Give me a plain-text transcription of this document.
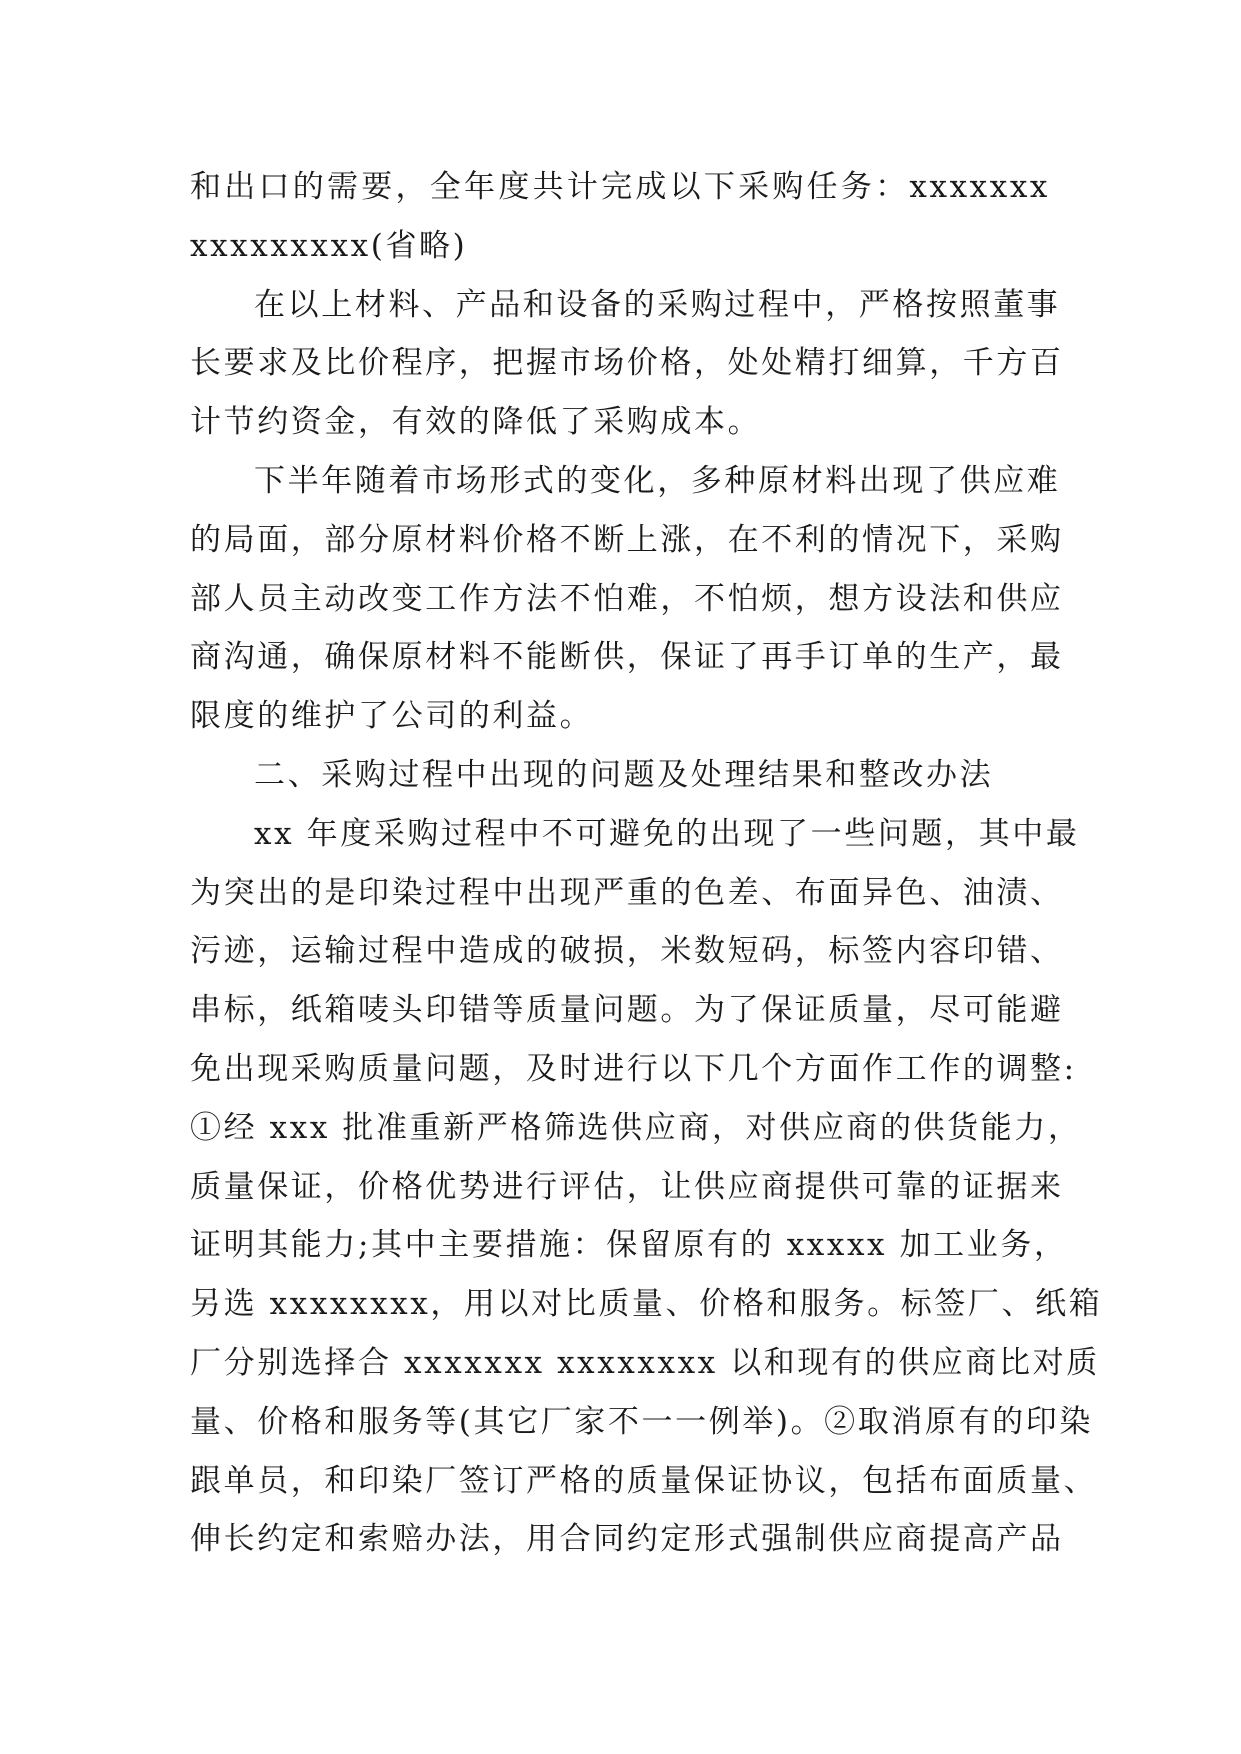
和出口的需要，全年度共计完成以下采购任务：xxxxxxx
xxxxxxxxx(省略)
在以上材料、产品和设备的采购过程中，严格按照董事
长要求及比价程序，把握市场价格，处处精打细算，千方百
计节约资金，有效的降低了采购成本。
下半年随着市场形式的变化，多种原材料出现了供应难
的局面，部分原材料价格不断上涨，在不利的情况下，采购
部人员主动改变工作方法不怕难，不怕烦，想方设法和供应
商沟通，确保原材料不能断供，保证了再手订单的生产，最
限度的维护了公司的利益。
二、采购过程中出现的问题及处理结果和整改办法
xx 年度采购过程中不可避免的出现了一些问题，其中最
为突出的是印染过程中出现严重的色差、布面异色、油渍、
污迹，运输过程中造成的破损，米数短码，标签内容印错、
串标，纸箱唛头印错等质量问题。为了保证质量，尽可能避
免出现采购质量问题，及时进行以下几个方面作工作的调整:
①经 xxx 批准重新严格筛选供应商，对供应商的供货能力，
质量保证，价格优势进行评估，让供应商提供可靠的证据来
证明其能力;其中主要措施：保留原有的 xxxxx 加工业务，
另选 xxxxxxxx，用以对比质量、价格和服务。标签厂、纸箱
厂分别选择合 xxxxxxx xxxxxxxx 以和现有的供应商比对质
量、价格和服务等(其它厂家不一一例举)。②取消原有的印染
跟单员，和印染厂签订严格的质量保证协议，包括布面质量、
伸长约定和索赔办法，用合同约定形式强制供应商提高产品
